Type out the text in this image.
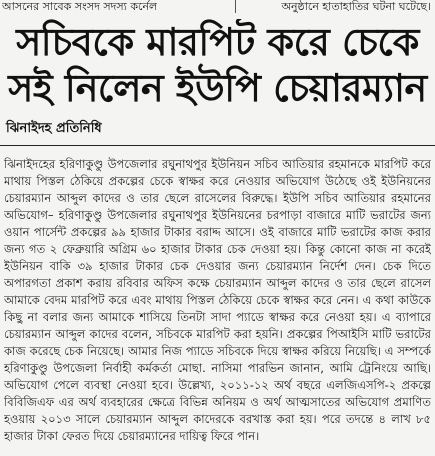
আসনের সাবেক সংসদ সদস্য কর্নেল	অনুষ্ঠানে হাতাহাতির ঘটনা ঘটেছে।
সচিবকে মারপিট করে চেকে
সই নিলেন ইউপি চেয়ারম্যান
ঝিনাইদহ প্রতিনিধি

ঝিনাইদহের হরিণাকুণ্ডু উপজেলার রঘুনাথপুর ইউনিয়ন সচিব আতিয়ার রহমানকে মারপিট করে মাথায় পিস্তল ঠেকিয়ে প্রকল্পের চেকে স্বাক্ষর করে নেওয়ার অভিযোগ উঠেছে ওই ইউনিয়নের চেয়ারম্যান আব্দুল কাদের ও তার ছেলে রাসেলের বিরুদ্ধে। ইউপি সচিব আতিয়ার রহমানের অভিযোগ– হরিণাকুণ্ডু উপজেলার রঘুনাথপুর ইউনিয়নের চরপাড়া বাজারে মাটি ভরাটের জন্য ওয়ান পার্সেন্ট প্রকল্পের ৯৯ হাজার টাকার বরাদ্দ আসে। ওই বাজারে মাটি ভরাটের কাজ করার জন্য গত ২ ফেব্রুয়ারি অগ্রিম ৬০ হাজার টাকার চেক দেওয়া হয়। কিন্তু কোনো কাজ না করেই ইউনিয়ন বাকি ৩৯ হাজার টাকার চেক দেওয়ার জন্য চেয়ারম্যান নির্দেশ দেন। চেক দিতে অপারগতা প্রকাশ করায় রবিবার অফিস কক্ষে চেয়ারম্যান আব্দুল কাদের ও তার ছেলে রাসেল আমাকে বেদম মারপিট করে এবং মাথায় পিস্তল ঠেকিয়ে চেকে স্বাক্ষর করে নেন। এ কথা কাউকে কিছু না বলার জন্য আমাকে শাসিয়ে তিনটা সাদা প্যাডে স্বাক্ষর করে নেওয়া হয়। এ ব্যাপারে চেয়ারম্যান আব্দুল কাদের বলেন, সচিবকে মারপিট করা হয়নি। প্রকল্পের পিআইসি মাটি ভরাটের কাজ করেছে চেক নিয়েছে। আমার নিজ প্যাডে সচিবকে দিয়ে স্বাক্ষর করিয়ে নিয়েছি। এ সম্পর্কে হরিণাকুণ্ডু উপজেলা নির্বাহী কর্মকর্তা মোছা. নাসিমা পারভিন জানান, আমি ট্রেনিংয়ে আছি। অভিযোগ পেলে ব্যবস্থা নেওয়া হবে। উল্লেখ্য, ২০১১-১২ অর্থ বছরে এলজিএসপি-২ প্রকল্পে বিবিজিএফ এর অর্থ ব্যবহারের ক্ষেত্রে বিভিন্ন অনিয়ম ও অর্থ আত্মসাতের অভিযোগ প্রমাণিত হওয়ায় ২০১৩ সালে চেয়ারম্যান আব্দুল কাদেরকে বরখাস্ত করা হয়। পরে তদন্তে ৪ লাখ ৮৫ হাজার টাকা ফেরত দিয়ে চেয়ারম্যানের দায়িত্ব ফিরে পান।
